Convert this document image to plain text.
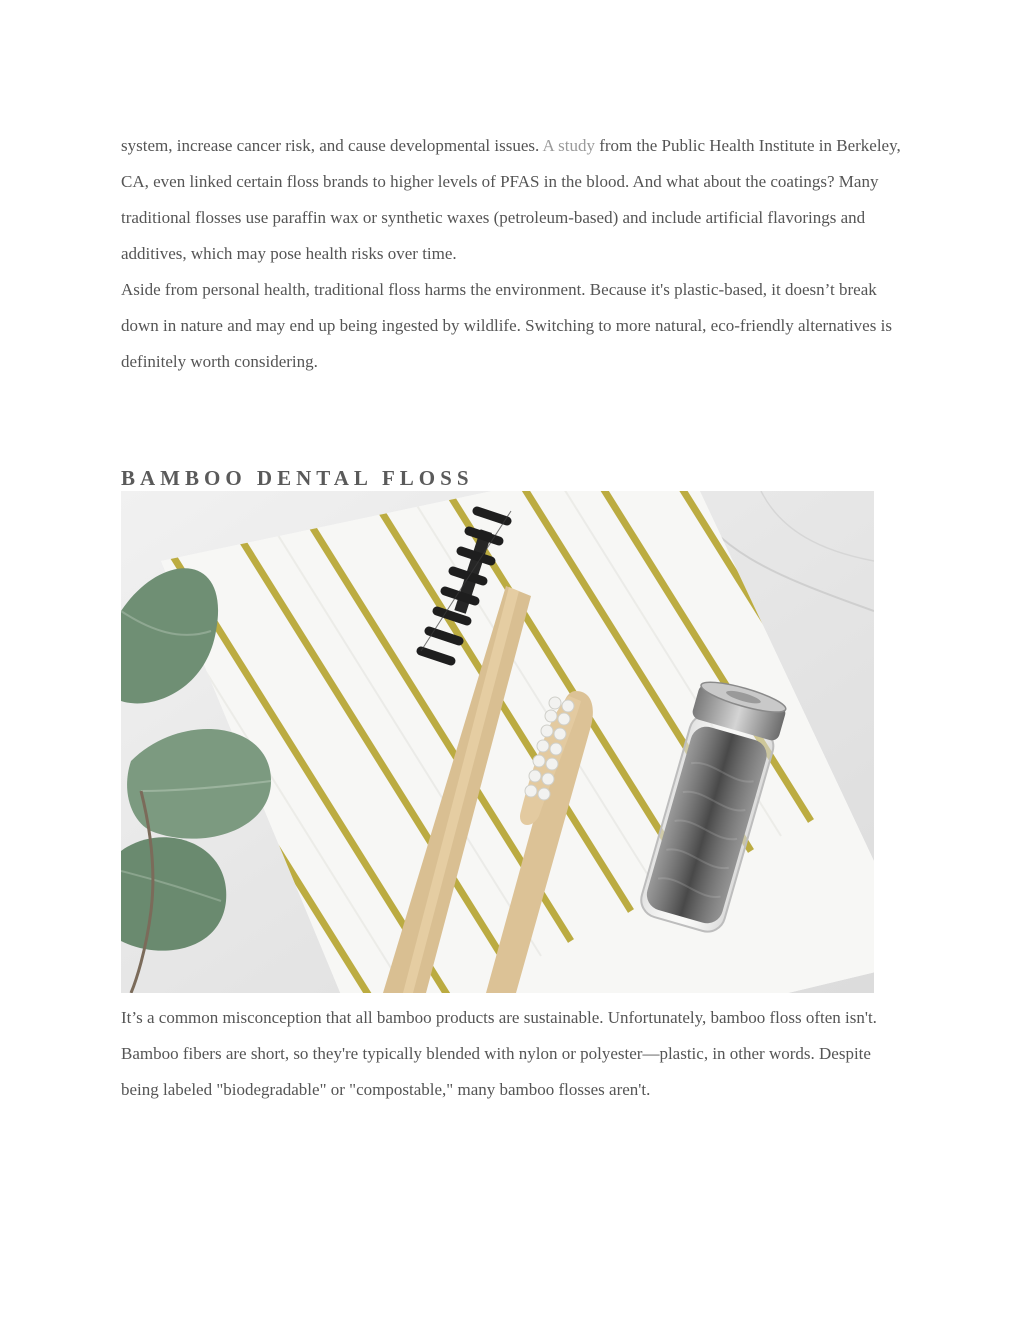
system, increase cancer risk, and cause developmental issues. A study from the Public Health Institute in Berkeley, CA, even linked certain floss brands to higher levels of PFAS in the blood. And what about the coatings? Many traditional flosses use paraffin wax or synthetic waxes (petroleum-based) and include artificial flavorings and additives, which may pose health risks over time.

Aside from personal health, traditional floss harms the environment. Because it's plastic-based, it doesn’t break down in nature and may end up being ingested by wildlife. Switching to more natural, eco-friendly alternatives is definitely worth considering.

BAMBOO DENTAL FLOSS

It’s a common misconception that all bamboo products are sustainable. Unfortunately, bamboo floss often isn't. Bamboo fibers are short, so they're typically blended with nylon or polyester—plastic, in other words. Despite being labeled "biodegradable" or "compostable," many bamboo flosses aren't.
